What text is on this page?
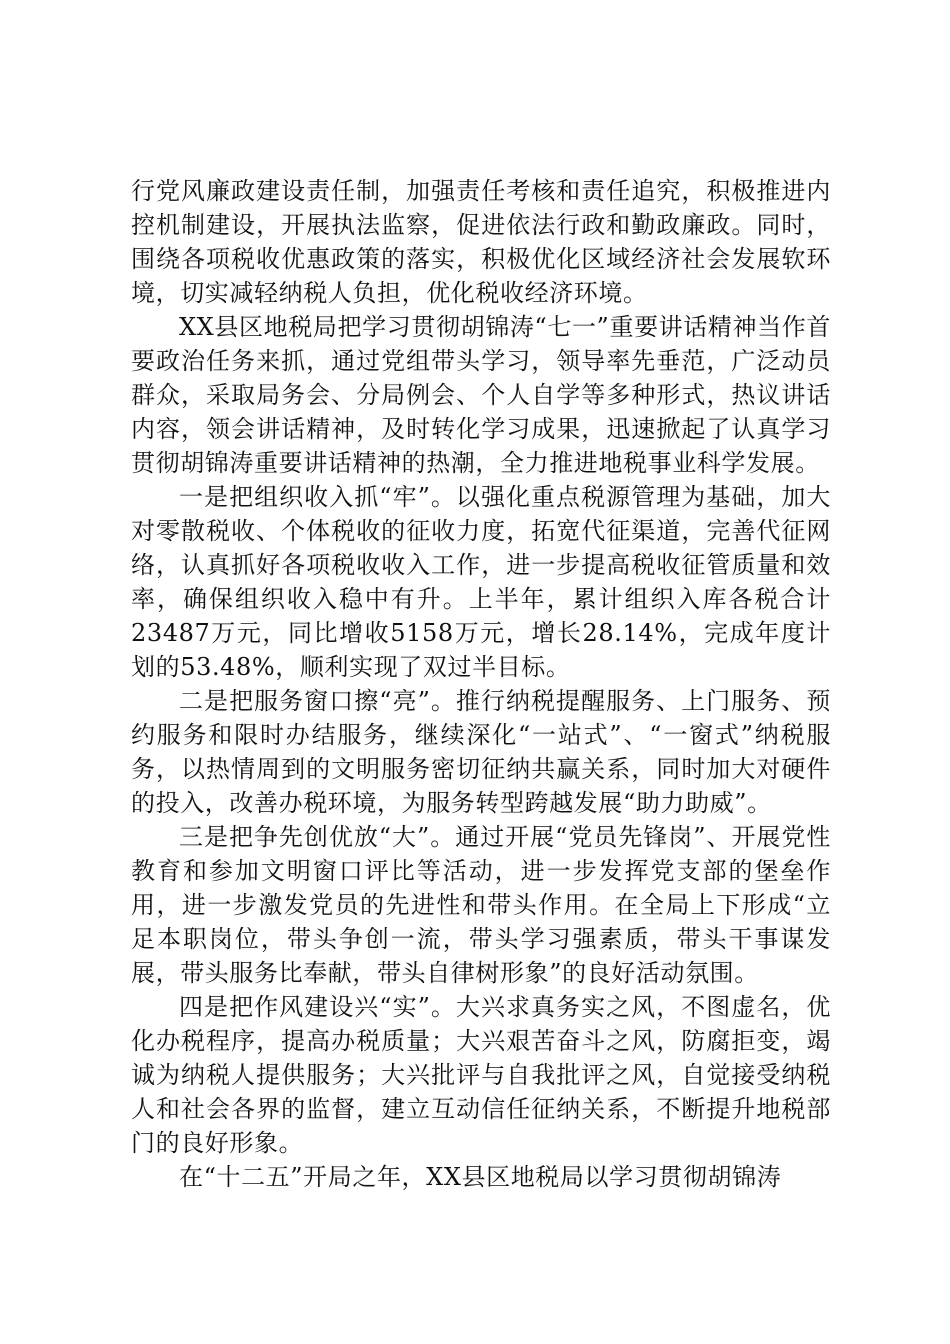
行党风廉政建设责任制，加强责任考核和责任追究，积极推进内控机制建设，开展执法监察，促进依法行政和勤政廉政。同时，围绕各项税收优惠政策的落实，积极优化区域经济社会发展软环境，切实减轻纳税人负担，优化税收经济环境。

XX县区地税局把学习贯彻胡锦涛“七一”重要讲话精神当作首要政治任务来抓，通过党组带头学习，领导率先垂范，广泛动员群众，采取局务会、分局例会、个人自学等多种形式，热议讲话内容，领会讲话精神，及时转化学习成果，迅速掀起了认真学习贯彻胡锦涛重要讲话精神的热潮，全力推进地税事业科学发展。

一是把组织收入抓“牢”。以强化重点税源管理为基础，加大对零散税收、个体税收的征收力度，拓宽代征渠道，完善代征网络，认真抓好各项税收收入工作，进一步提高税收征管质量和效率，确保组织收入稳中有升。上半年，累计组织入库各税合计23487万元，同比增收5158万元，增长28.14%，完成年度计划的53.48%，顺利实现了双过半目标。

二是把服务窗口擦“亮”。推行纳税提醒服务、上门服务、预约服务和限时办结服务，继续深化“一站式”、“一窗式”纳税服务，以热情周到的文明服务密切征纳共赢关系，同时加大对硬件的投入，改善办税环境，为服务转型跨越发展“助力助威”。

三是把争先创优放“大”。通过开展“党员先锋岗”、开展党性教育和参加文明窗口评比等活动，进一步发挥党支部的堡垒作用，进一步激发党员的先进性和带头作用。在全局上下形成“立足本职岗位，带头争创一流，带头学习强素质，带头干事谋发展，带头服务比奉献，带头自律树形象”的良好活动氛围。

四是把作风建设兴“实”。大兴求真务实之风，不图虚名，优化办税程序，提高办税质量；大兴艰苦奋斗之风，防腐拒变，竭诚为纳税人提供服务；大兴批评与自我批评之风，自觉接受纳税人和社会各界的监督，建立互动信任征纳关系，不断提升地税部门的良好形象。

在“十二五”开局之年，XX县区地税局以学习贯彻胡锦涛
